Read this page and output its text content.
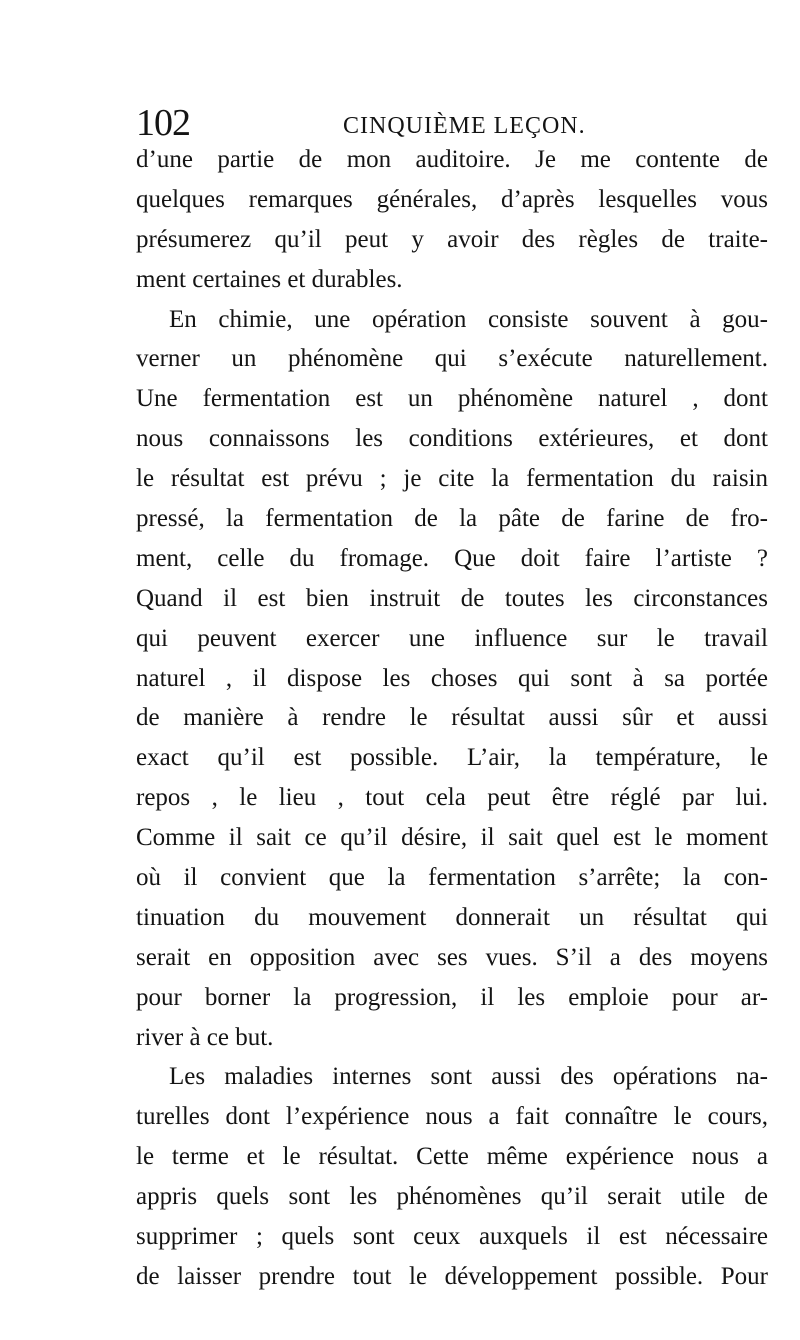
102	CINQUIÈME LEÇON.
d’une partie de mon auditoire. Je me contente de
quelques remarques générales, d’après lesquelles vous
présumerez qu’il peut y avoir des règles de traite-
ment certaines et durables.
En chimie, une opération consiste souvent à gou-
verner un phénomène qui s’exécute naturellement.
Une fermentation est un phénomène naturel , dont
nous connaissons les conditions extérieures, et dont
le résultat est prévu ; je cite la fermentation du raisin
pressé, la fermentation de la pâte de farine de fro-
ment, celle du fromage. Que doit faire l’artiste ?
Quand il est bien instruit de toutes les circonstances
qui peuvent exercer une influence sur le travail
naturel , il dispose les choses qui sont à sa portée
de manière à rendre le résultat aussi sûr et aussi
exact qu’il est possible. L’air, la température, le
repos , le lieu , tout cela peut être réglé par lui.
Comme il sait ce qu’il désire, il sait quel est le moment
où il convient que la fermentation s’arrête; la con-
tinuation du mouvement donnerait un résultat qui
serait en opposition avec ses vues. S’il a des moyens
pour borner la progression, il les emploie pour ar-
river à ce but.
Les maladies internes sont aussi des opérations na-
turelles dont l’expérience nous a fait connaître le cours,
le terme et le résultat. Cette même expérience nous a
appris quels sont les phénomènes qu’il serait utile de
supprimer ; quels sont ceux auxquels il est nécessaire
de laisser prendre tout le développement possible. Pour
